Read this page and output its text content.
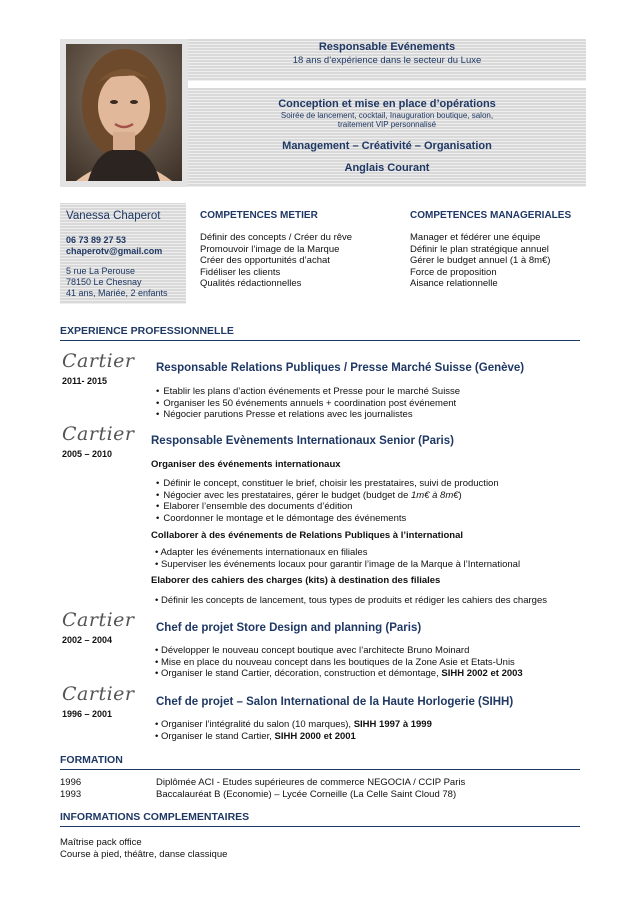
Responsable Evénements
18 ans d’expérience dans le secteur du Luxe
Conception et mise en place d’opérations
Soirée de lancement, cocktail, Inauguration boutique, salon,
traitement VIP personnalisé
Management – Créativité – Organisation
Anglais Courant
Vanessa Chaperot
06 73 89 27 53
chaperotv@gmail.com
5 rue La Perouse
78150 Le Chesnay
41 ans, Mariée, 2 enfants
COMPETENCES METIER
Définir des concepts / Créer du rêve
Promouvoir l’image de la Marque
Créer des opportunités d’achat
Fidéliser les clients
Qualités rédactionnelles
COMPETENCES MANAGERIALES
Manager et fédérer une équipe
Définir le plan stratégique annuel
Gérer le budget annuel (1 à 8m€)
Force de proposition
Aisance relationnelle
EXPERIENCE PROFESSIONNELLE
Cartier
2011- 2015
Responsable Relations Publiques / Presse Marché Suisse (Genève)
• Etablir les plans d’action événements et Presse pour le marché Suisse
• Organiser les 50 événements annuels + coordination post événement
• Négocier parutions Presse et relations avec les journalistes
Cartier
2005 – 2010
Responsable Evènements Internationaux Senior (Paris)
Organiser des événements internationaux
• Définir le concept, constituer le brief, choisir les prestataires, suivi de production
• Négocier avec les prestataires, gérer le budget (budget de 1m€ à 8m€)
• Elaborer l’ensemble des documents d’édition
• Coordonner le montage et le démontage des événements
Collaborer à des événements de Relations Publiques à l’international
• Adapter les événements internationaux en filiales
• Superviser les événements locaux pour garantir l’image de la Marque à l’International
Elaborer des cahiers des charges (kits) à destination des filiales
• Définir les concepts de lancement, tous types de produits et rédiger les cahiers des charges
Cartier
2002 – 2004
Chef de projet Store Design and planning (Paris)
• Développer le nouveau concept boutique avec l’architecte Bruno Moinard
• Mise en place du nouveau concept dans les boutiques de la Zone Asie et Etats-Unis
• Organiser le stand Cartier, décoration, construction et démontage, SIHH 2002 et 2003
Cartier
1996 – 2001
Chef de projet – Salon International de la Haute Horlogerie (SIHH)
• Organiser l’intégralité du salon (10 marques), SIHH 1997 à 1999
• Organiser le stand Cartier, SIHH 2000 et 2001
FORMATION
1996	Diplômée ACI - Etudes supérieures de commerce NEGOCIA / CCIP Paris
1993	Baccalauréat B (Economie) – Lycée Corneille (La Celle Saint Cloud 78)
INFORMATIONS COMPLEMENTAIRES
Maîtrise pack office
Course à pied, théâtre, danse classique
